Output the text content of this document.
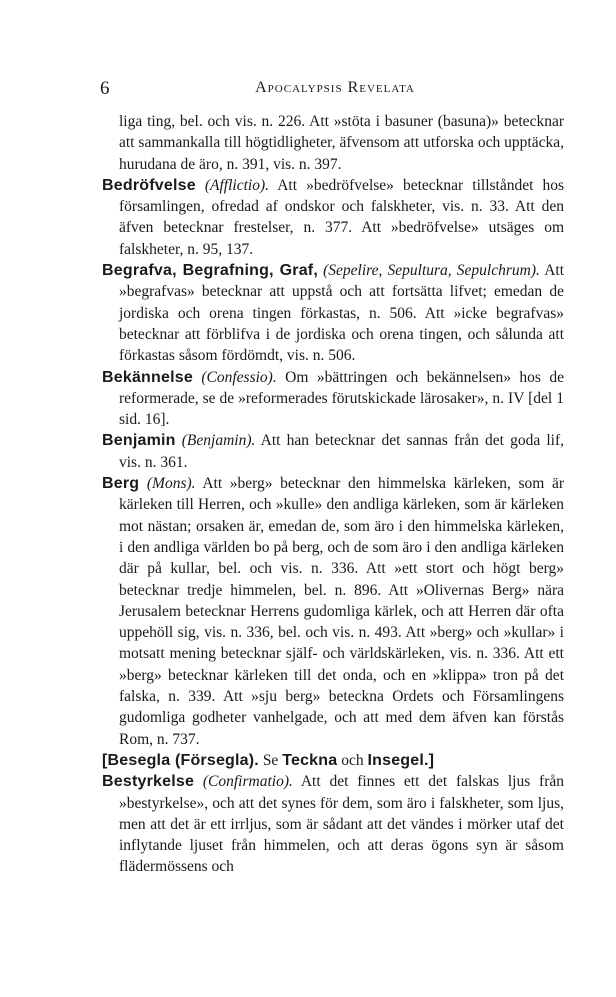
6	Apocalypsis Revelata

liga ting, bel. och vis. n. 226. Att »stöta i basuner (basuna)» betecknar att sammankalla till högtidligheter, äfvensom att utforska och upptäcka, hurudana de äro, n. 391, vis. n. 397.

Bedröfvelse (Afflictio). Att »bedröfvelse» betecknar tillståndet hos församlingen, ofredad af ondskor och falskheter, vis. n. 33. Att den äfven betecknar frestelser, n. 377. Att »bedröfvelse» utsäges om falskheter, n. 95, 137.

Begrafva, Begrafning, Graf, (Sepelire, Sepultura, Sepulchrum). Att »begrafvas» betecknar att uppstå och att fortsätta lifvet; emedan de jordiska och orena tingen förkastas, n. 506. Att »icke begrafvas» betecknar att förblifva i de jordiska och orena tingen, och sålunda att förkastas såsom fördömdt, vis. n. 506.

Bekännelse (Confessio). Om »bättringen och bekännelsen» hos de reformerade, se de »reformerades förutskickade lärosaker», n. IV [del 1 sid. 16].

Benjamin (Benjamin). Att han betecknar det sannas från det goda lif, vis. n. 361.

Berg (Mons). Att »berg» betecknar den himmelska kärleken, som är kärleken till Herren, och »kulle» den andliga kärleken, som är kärleken mot nästan; orsaken är, emedan de, som äro i den himmelska kärleken, i den andliga världen bo på berg, och de som äro i den andliga kärleken där på kullar, bel. och vis. n. 336. Att »ett stort och högt berg» betecknar tredje himmelen, bel. n. 896. Att »Olivernas Berg» nära Jerusalem betecknar Herrens gudomliga kärlek, och att Herren där ofta uppehöll sig, vis. n. 336, bel. och vis. n. 493. Att »berg» och »kullar» i motsatt mening betecknar själf- och världskärleken, vis. n. 336. Att ett »berg» betecknar kärleken till det onda, och en »klippa» tron på det falska, n. 339. Att »sju berg» beteckna Ordets och Församlingens gudomliga godheter vanhelgade, och att med dem äfven kan förstås Rom, n. 737.

[Besegla (Försegla). Se Teckna och Insegel.]

Bestyrkelse (Confirmatio). Att det finnes ett det falskas ljus från »bestyrkelse», och att det synes för dem, som äro i falskheter, som ljus, men att det är ett irrljus, som är sådant att det vändes i mörker utaf det inflytande ljuset från himmelen, och att deras ögons syn är såsom flädermössens och
